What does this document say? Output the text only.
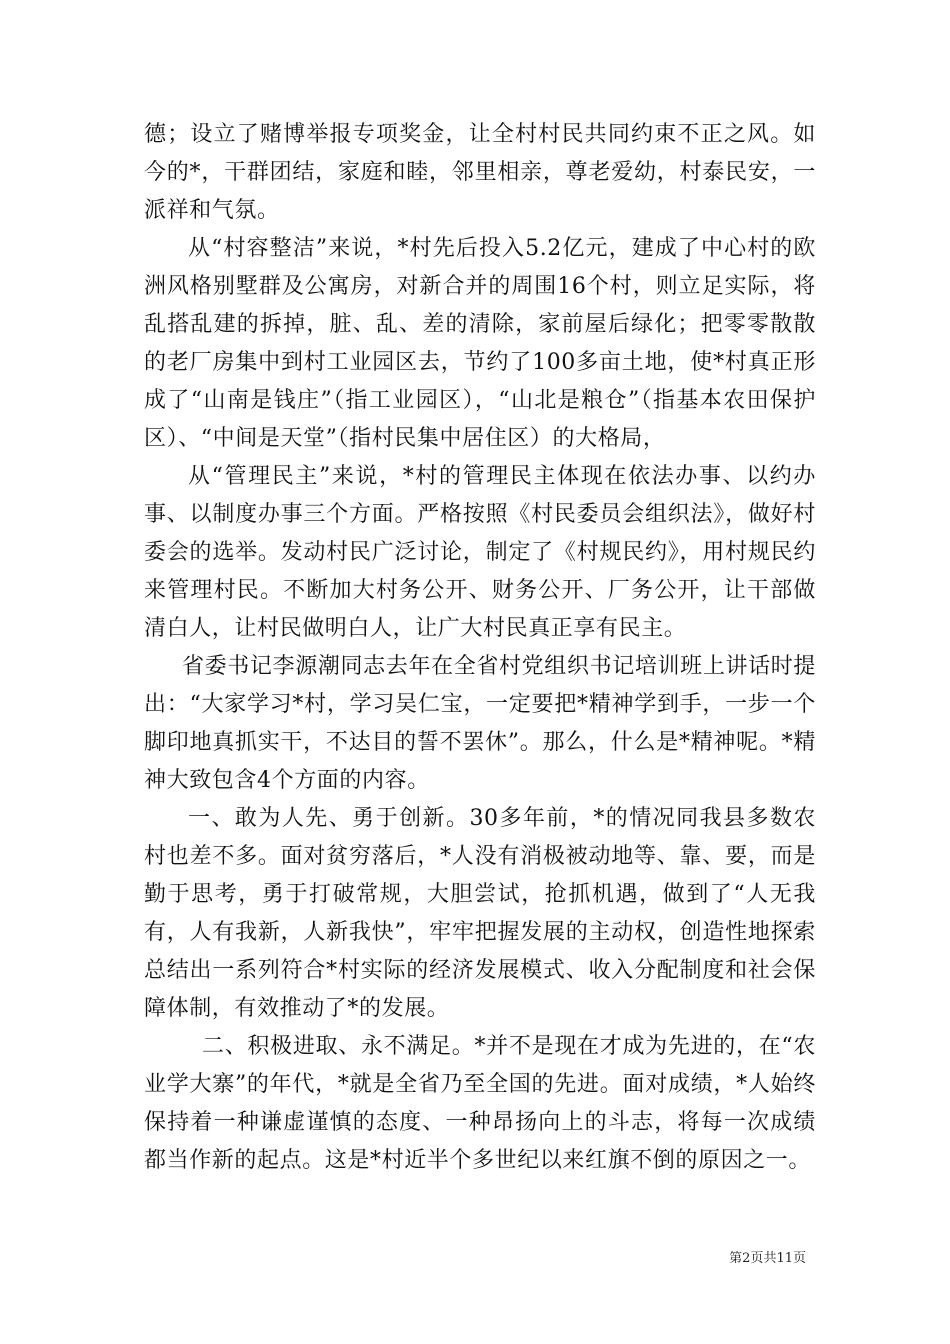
德；设立了赌博举报专项奖金，让全村村民共同约束不正之风。如今的*，干群团结，家庭和睦，邻里相亲，尊老爱幼，村泰民安，一派祥和气氛。

从“村容整洁”来说，*村先后投入5.2亿元，建成了中心村的欧洲风格别墅群及公寓房，对新合并的周围16个村，则立足实际，将乱搭乱建的拆掉，脏、乱、差的清除，家前屋后绿化；把零零散散的老厂房集中到村工业园区去，节约了100多亩土地，使*村真正形成了“山南是钱庄”（指工业园区），“山北是粮仓”（指基本农田保护区）、“中间是天堂”（指村民集中居住区）的大格局，

从“管理民主”来说，*村的管理民主体现在依法办事、以约办事、以制度办事三个方面。严格按照《村民委员会组织法》，做好村委会的选举。发动村民广泛讨论，制定了《村规民约》，用村规民约来管理村民。不断加大村务公开、财务公开、厂务公开，让干部做清白人，让村民做明白人，让广大村民真正享有民主。

省委书记李源潮同志去年在全省村党组织书记培训班上讲话时提出：“大家学习*村，学习吴仁宝，一定要把*精神学到手，一步一个脚印地真抓实干，不达目的誓不罢休”。那么，什么是*精神呢。*精神大致包含4个方面的内容。

一、敢为人先、勇于创新。30多年前，*的情况同我县多数农村也差不多。面对贫穷落后，*人没有消极被动地等、靠、要，而是勤于思考，勇于打破常规，大胆尝试，抢抓机遇，做到了“人无我有，人有我新，人新我快”，牢牢把握发展的主动权，创造性地探索总结出一系列符合*村实际的经济发展模式、收入分配制度和社会保障体制，有效推动了*的发展。

二、积极进取、永不满足。*并不是现在才成为先进的，在“农业学大寨”的年代，*就是全省乃至全国的先进。面对成绩，*人始终保持着一种谦虚谨慎的态度、一种昂扬向上的斗志，将每一次成绩都当作新的起点。这是*村近半个多世纪以来红旗不倒的原因之一。

第2页共11页
